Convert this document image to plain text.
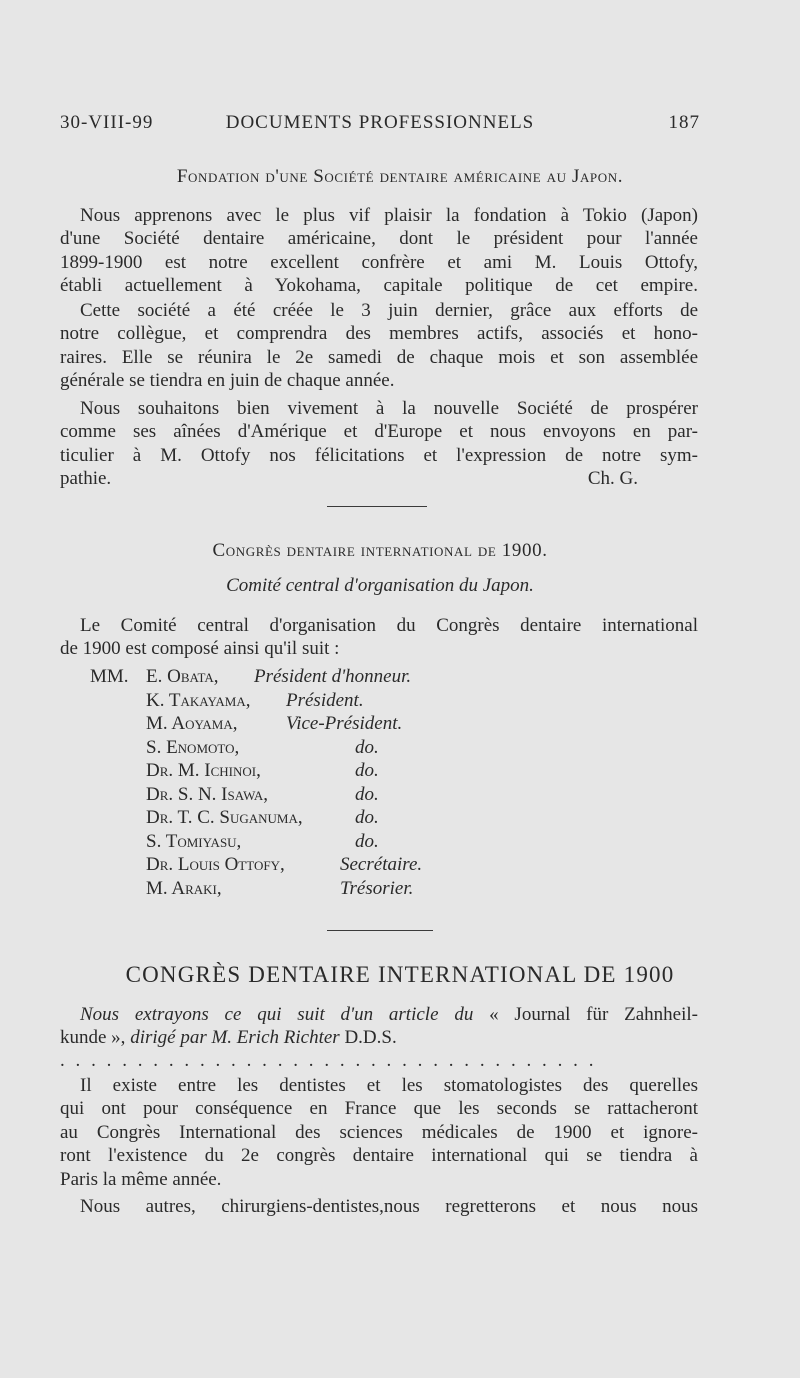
30-VIII-99	DOCUMENTS PROFESSIONNELS	187
Fondation d'une Société dentaire américaine au Japon.
Nous apprenons avec le plus vif plaisir la fondation à Tokio (Japon)
d'une Société dentaire américaine, dont le président pour l'année
1899-1900 est notre excellent confrère et ami M. Louis Ottofy,
établi actuellement à Yokohama, capitale politique de cet empire.
Cette société a été créée le 3 juin dernier, grâce aux efforts de
notre collègue, et comprendra des membres actifs, associés et hono-
raires. Elle se réunira le 2e samedi de chaque mois et son assemblée
générale se tiendra en juin de chaque année.
Nous souhaitons bien vivement à la nouvelle Société de prospérer
comme ses aînées d'Amérique et d'Europe et nous envoyons en par-
ticulier à M. Ottofy nos félicitations et l'expression de notre sym-
pathie.	Ch. G.
Congrès dentaire international de 1900.
Comité central d'organisation du Japon.
Le Comité central d'organisation du Congrès dentaire international
de 1900 est composé ainsi qu'il suit :
MM. E. Obata, Président d'honneur.
K. Takayama, Président.
M. Aoyama,	Vice-Président.
S. Enomoto,	do.
Dr. M. Ichinoi,	do.
Dr. S. N. Isawa,	do.
Dr. T. C. Suganuma,	do.
S. Tomiyasu,	do.
Dr. Louis Ottofy,	Secrétaire.
M. Araki,	Trésorier.
CONGRÈS DENTAIRE INTERNATIONAL DE 1900
Nous extrayons ce qui suit d'un article du « Journal für Zahnheil-
kunde », dirigé par M. Erich Richter D.D.S.
...................................
Il existe entre les dentistes et les stomatologistes des querelles
qui ont pour conséquence en France que les seconds se rattacheront
au Congrès International des sciences médicales de 1900 et ignore-
ront l'existence du 2e congrès dentaire international qui se tiendra à
Paris la même année.
Nous autres, chirurgiens-dentistes,nous regretterons et nous nous
